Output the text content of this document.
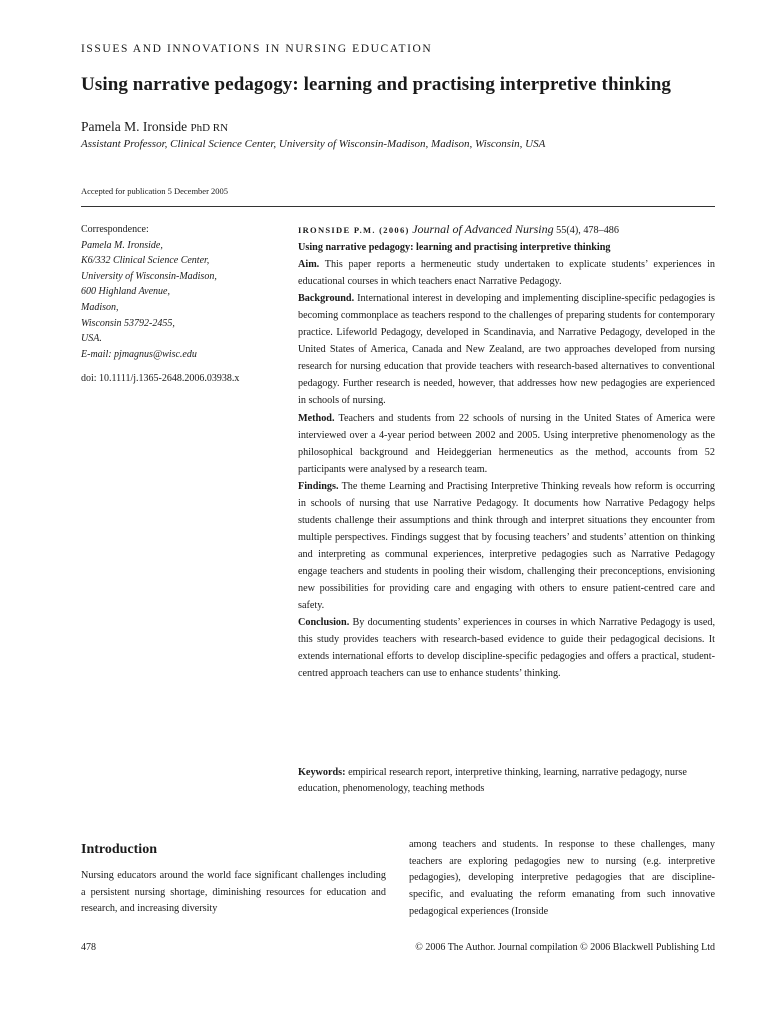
ISSUES AND INNOVATIONS IN NURSING EDUCATION
Using narrative pedagogy: learning and practising interpretive thinking
Pamela M. Ironside PhD RN
Assistant Professor, Clinical Science Center, University of Wisconsin-Madison, Madison, Wisconsin, USA
Accepted for publication 5 December 2005
Correspondence:
Pamela M. Ironside,
K6/332 Clinical Science Center,
University of Wisconsin-Madison,
600 Highland Avenue,
Madison,
Wisconsin 53792-2455,
USA.
E-mail: pjmagnus@wisc.edu
doi: 10.1111/j.1365-2648.2006.03938.x

IRONSIDE P.M. (2006) Journal of Advanced Nursing 55(4), 478–486

Using narrative pedagogy: learning and practising interpretive thinking

Aim. This paper reports a hermeneutic study undertaken to explicate students’ experiences in educational courses in which teachers enact Narrative Pedagogy.

Background. International interest in developing and implementing discipline-specific pedagogies is becoming commonplace as teachers respond to the challenges of preparing students for contemporary practice. Lifeworld Pedagogy, developed in Scandinavia, and Narrative Pedagogy, developed in the United States of America, Canada and New Zealand, are two approaches developed from nursing research for nursing education that provide teachers with research-based alternatives to conventional pedagogy. Further research is needed, however, that addresses how new pedagogies are experienced in schools of nursing.

Method. Teachers and students from 22 schools of nursing in the United States of America were interviewed over a 4-year period between 2002 and 2005. Using interpretive phenomenology as the philosophical background and Heideggerian hermeneutics as the method, accounts from 52 participants were analysed by a research team.

Findings. The theme Learning and Practising Interpretive Thinking reveals how reform is occurring in schools of nursing that use Narrative Pedagogy. It documents how Narrative Pedagogy helps students challenge their assumptions and think through and interpret situations they encounter from multiple perspectives. Findings suggest that by focusing teachers’ and students’ attention on thinking and interpreting as communal experiences, interpretive pedagogies such as Narrative Pedagogy engage teachers and students in pooling their wisdom, challenging their preconceptions, envisioning new possibilities for providing care and engaging with others to ensure patient-centred care and safety.

Conclusion. By documenting students’ experiences in courses in which Narrative Pedagogy is used, this study provides teachers with research-based evidence to guide their pedagogical decisions. It extends international efforts to develop discipline-specific pedagogies and offers a practical, student-centred approach teachers can use to enhance students’ thinking.

Keywords: empirical research report, interpretive thinking, learning, narrative pedagogy, nurse education, phenomenology, teaching methods
Introduction

Nursing educators around the world face significant challenges including a persistent nursing shortage, diminishing resources for education and research, and increasing diversity

among teachers and students. In response to these challenges, many teachers are exploring pedagogies new to nursing (e.g. interpretive pedagogies), developing interpretive pedagogies that are discipline-specific, and evaluating the reform emanating from such innovative pedagogical experiences (Ironside

478	© 2006 The Author. Journal compilation © 2006 Blackwell Publishing Ltd
